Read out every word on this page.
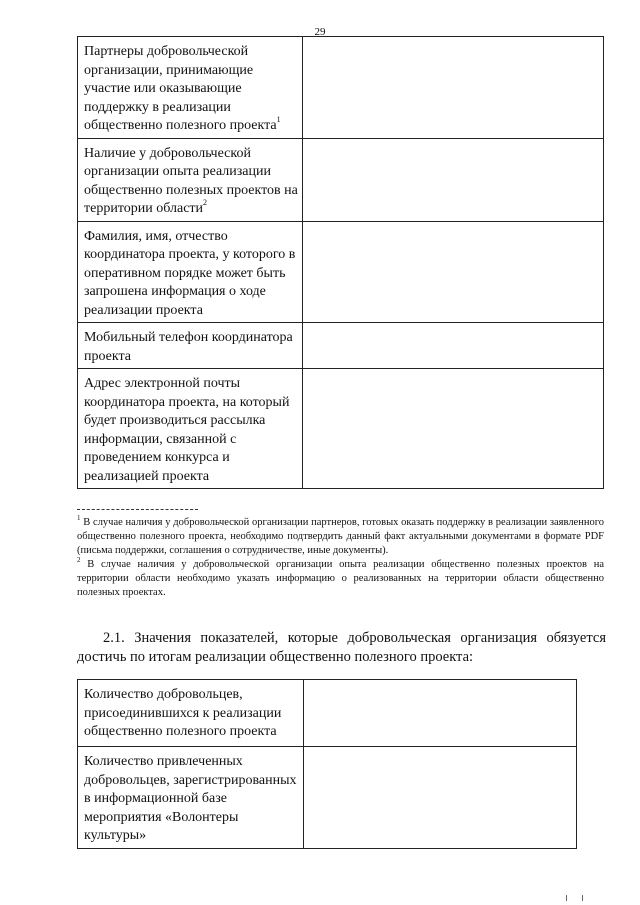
29
Партнеры добровольческой организации, принимающие участие или оказывающие поддержку в реализации общественно полезного проекта$^1$	
Наличие у добровольческой организации опыта реализации общественно полезных проектов на территории области$^2$	
Фамилия, имя, отчество координатора проекта, у которого в оперативном порядке может быть запрошена информация о ходе реализации проекта	
Мобильный телефон координатора проекта	
Адрес электронной почты координатора проекта, на который будет производиться рассылка информации, связанной с проведением конкурса и реализацией проекта	

$^1$ В случае наличия у добровольческой организации партнеров, готовых оказать поддержку в реализации заявленного общественно полезного проекта, необходимо подтвердить данный факт актуальными документами в формате PDF (письма поддержки, соглашения о сотрудничестве, иные документы).

$^2$ В случае наличия у добровольческой организации опыта реализации общественно полезных проектов на территории области необходимо указать информацию о реализованных на территории области общественно полезных проектах.

2.1. Значения показателей, которые добровольческая организация обязуется достичь по итогам реализации общественно полезного проекта:

Количество добровольцев, присоединившихся к реализации общественно полезного проекта	
Количество привлеченных добровольцев, зарегистрированных в информационной базе мероприятия «Волонтеры культуры»	
